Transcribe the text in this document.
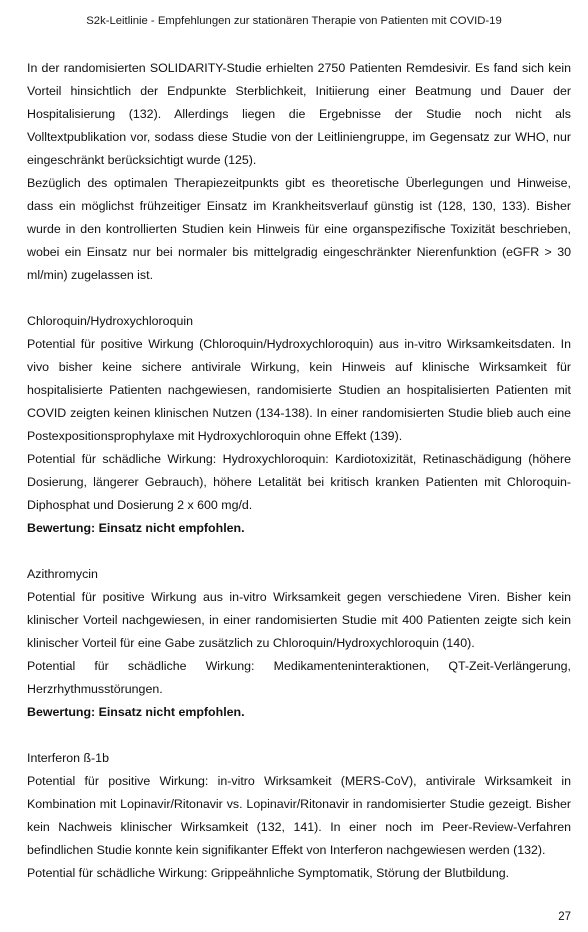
S2k-Leitlinie - Empfehlungen zur stationären Therapie von Patienten mit COVID-19
In der randomisierten SOLIDARITY-Studie erhielten 2750 Patienten Remdesivir. Es fand sich kein Vorteil hinsichtlich der Endpunkte Sterblichkeit, Initiierung einer Beatmung und Dauer der Hospitalisierung (132). Allerdings liegen die Ergebnisse der Studie noch nicht als Volltextpublikation vor, sodass diese Studie von der Leitliniengruppe, im Gegensatz zur WHO, nur eingeschränkt berücksichtigt wurde (125).
Bezüglich des optimalen Therapiezeitpunkts gibt es theoretische Überlegungen und Hinweise, dass ein möglichst frühzeitiger Einsatz im Krankheitsverlauf günstig ist (128, 130, 133). Bisher wurde in den kontrollierten Studien kein Hinweis für eine organspezifische Toxizität beschrieben, wobei ein Einsatz nur bei normaler bis mittelgradig eingeschränkter Nierenfunktion (eGFR > 30 ml/min) zugelassen ist.
Chloroquin/Hydroxychloroquin
Potential für positive Wirkung (Chloroquin/Hydroxychloroquin) aus in-vitro Wirksamkeitsdaten. In vivo bisher keine sichere antivirale Wirkung, kein Hinweis auf klinische Wirksamkeit für hospitalisierte Patienten nachgewiesen, randomisierte Studien an hospitalisierten Patienten mit COVID zeigten keinen klinischen Nutzen (134-138). In einer randomisierten Studie blieb auch eine Postexpositionsprophylaxe mit Hydroxychloroquin ohne Effekt (139).
Potential für schädliche Wirkung: Hydroxychloroquin: Kardiotoxizität, Retinaschädigung (höhere Dosierung, längerer Gebrauch), höhere Letalität bei kritisch kranken Patienten mit Chloroquin-Diphosphat und Dosierung 2 x 600 mg/d.
Bewertung: Einsatz nicht empfohlen.
Azithromycin
Potential für positive Wirkung aus in-vitro Wirksamkeit gegen verschiedene Viren. Bisher kein klinischer Vorteil nachgewiesen, in einer randomisierten Studie mit 400 Patienten zeigte sich kein klinischer Vorteil für eine Gabe zusätzlich zu Chloroquin/Hydroxychloroquin (140).
Potential für schädliche Wirkung: Medikamenteninteraktionen, QT-Zeit-Verlängerung, Herzrhythmusstörungen.
Bewertung: Einsatz nicht empfohlen.
Interferon ß-1b
Potential für positive Wirkung: in-vitro Wirksamkeit (MERS-CoV), antivirale Wirksamkeit in Kombination mit Lopinavir/Ritonavir vs. Lopinavir/Ritonavir in randomisierter Studie gezeigt. Bisher kein Nachweis klinischer Wirksamkeit (132, 141). In einer noch im Peer-Review-Verfahren befindlichen Studie konnte kein signifikanter Effekt von Interferon nachgewiesen werden (132).
Potential für schädliche Wirkung: Grippeähnliche Symptomatik, Störung der Blutbildung.
27
